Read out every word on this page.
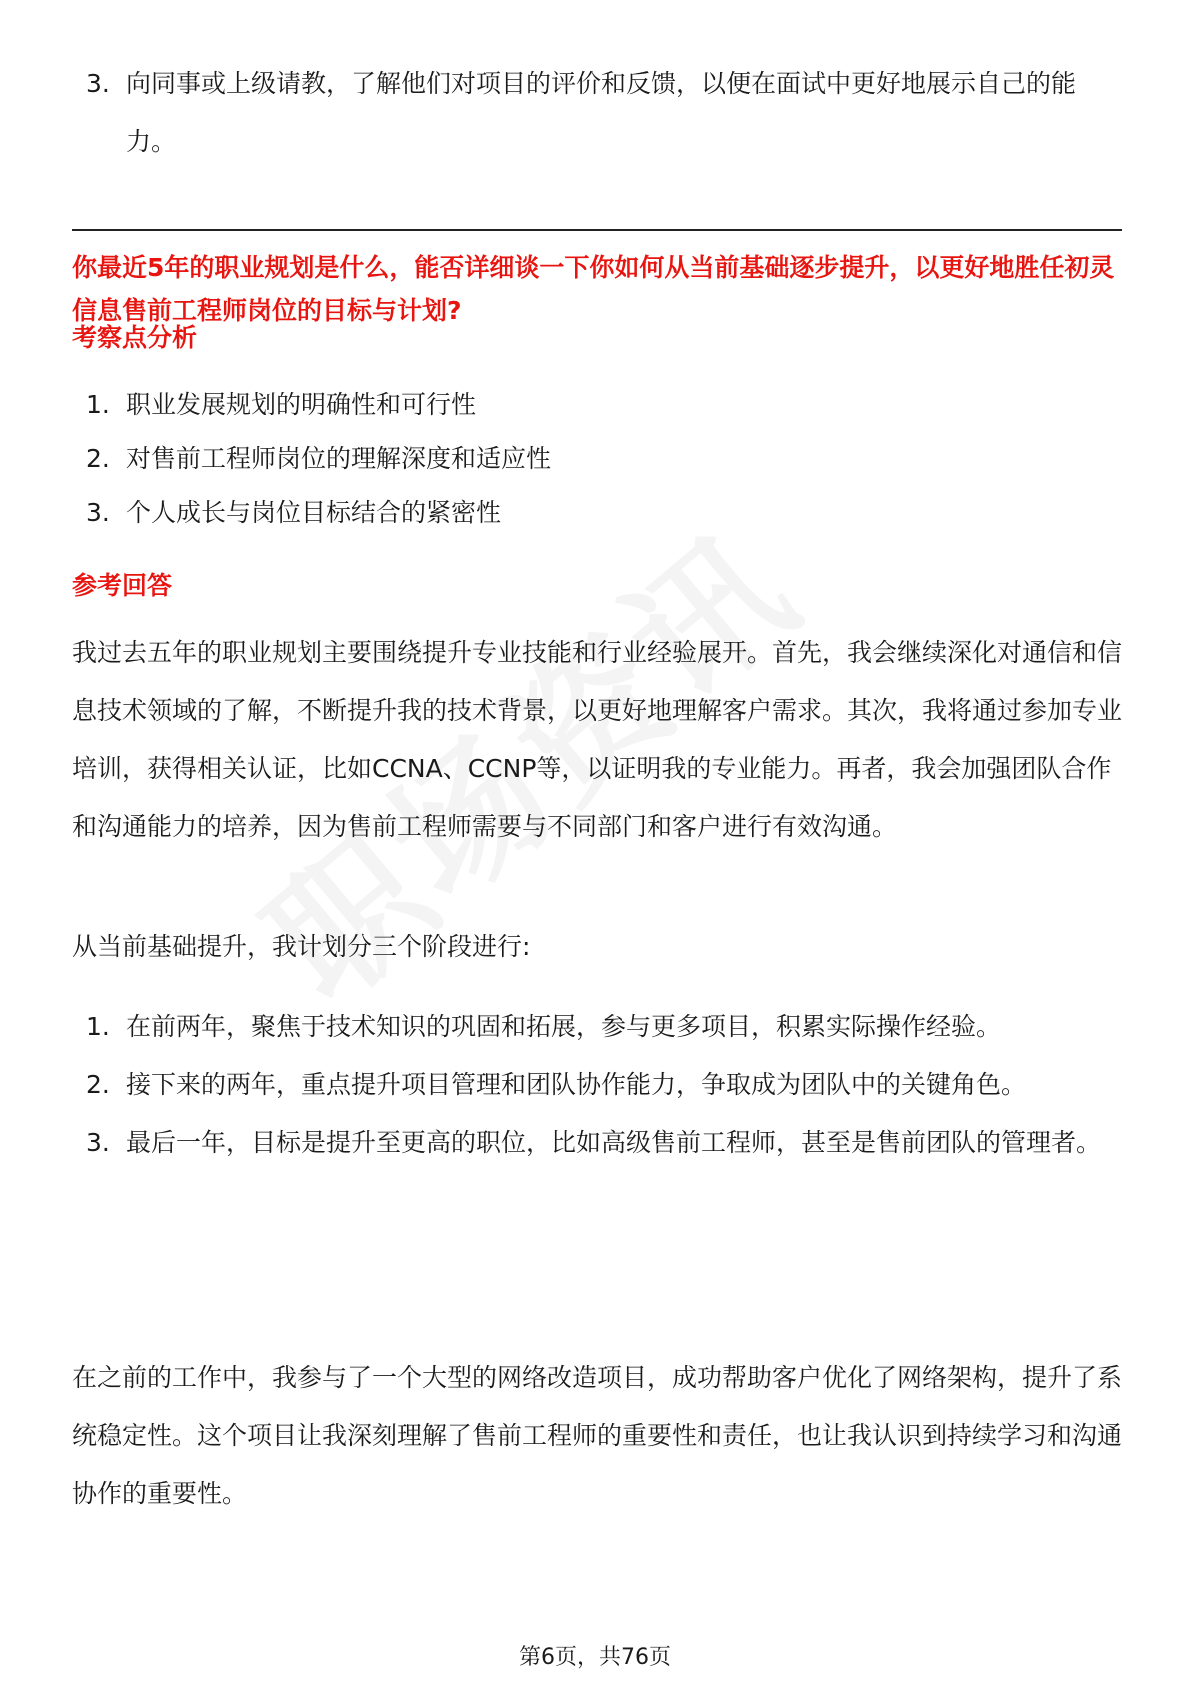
3. 向同事或上级请教，了解他们对项目的评价和反馈，以便在面试中更好地展示自己的能力。
你最近5年的职业规划是什么，能否详细谈一下你如何从当前基础逐步提升，以更好地胜任初灵信息售前工程师岗位的目标与计划?
考察点分析
1. 职业发展规划的明确性和可行性
2. 对售前工程师岗位的理解深度和适应性
3. 个人成长与岗位目标结合的紧密性
参考回答
我过去五年的职业规划主要围绕提升专业技能和行业经验展开。首先，我会继续深化对通信和信息技术领域的了解，不断提升我的技术背景，以更好地理解客户需求。其次，我将通过参加专业培训，获得相关认证，比如CCNA、CCNP等，以证明我的专业能力。再者，我会加强团队合作和沟通能力的培养，因为售前工程师需要与不同部门和客户进行有效沟通。
从当前基础提升，我计划分三个阶段进行:
1. 在前两年，聚焦于技术知识的巩固和拓展，参与更多项目，积累实际操作经验。
2. 接下来的两年，重点提升项目管理和团队协作能力，争取成为团队中的关键角色。
3. 最后一年，目标是提升至更高的职位，比如高级售前工程师，甚至是售前团队的管理者。
在之前的工作中，我参与了一个大型的网络改造项目，成功帮助客户优化了网络架构，提升了系统稳定性。这个项目让我深刻理解了售前工程师的重要性和责任，也让我认识到持续学习和沟通协作的重要性。
第6页，共76页
